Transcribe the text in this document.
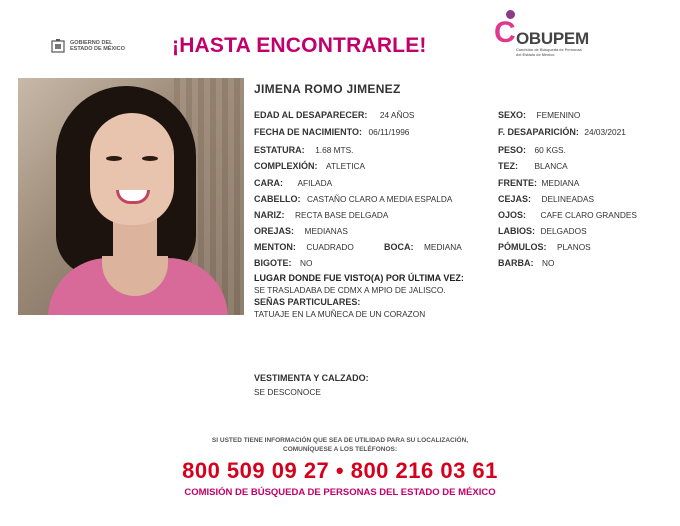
GOBIERNO DEL
ESTADO DE MÉXICO ¡HASTA ENCONTRARLE! C OBUPEM
Comisión de Búsqueda de Personas
del Estado de México
JIMENA ROMO JIMENEZ
EDAD AL DESAPARECER: 24 AÑOS
FECHA DE NACIMIENTO: 06/11/1996
ESTATURA: 1.68 MTS.
COMPLEXIÓN: ATLETICA
CARA: AFILADA
CABELLO: CASTAÑO CLARO A MEDIA ESPALDA
NARIZ: RECTA BASE DELGADA
OREJAS: MEDIANAS
MENTON: CUADRADO	BOCA: MEDIANA
BIGOTE: NO
SEXO: FEMENINO
F. DESAPARICIÓN: 24/03/2021
PESO: 60 KGS.
TEZ: BLANCA
FRENTE: MEDIANA
CEJAS: DELINEADAS
OJOS: CAFE CLARO GRANDES
LABIOS: DELGADOS
PÓMULOS: PLANOS
BARBA: NO
LUGAR DONDE FUE VISTO(A) POR ÚLTIMA VEZ:
SE TRASLADABA DE CDMX A MPIO DE JALISCO.
SEÑAS PARTICULARES:
TATUAJE EN LA MUÑECA DE UN CORAZON
VESTIMENTA Y CALZADO:
SE DESCONOCE
SI USTED TIENE INFORMACIÓN QUE SEA DE UTILIDAD PARA SU LOCALIZACIÓN,
COMUNÍQUESE A LOS TELÉFONOS:
800 509 09 27 • 800 216 03 61
COMISIÓN DE BÚSQUEDA DE PERSONAS DEL ESTADO DE MÉXICO
